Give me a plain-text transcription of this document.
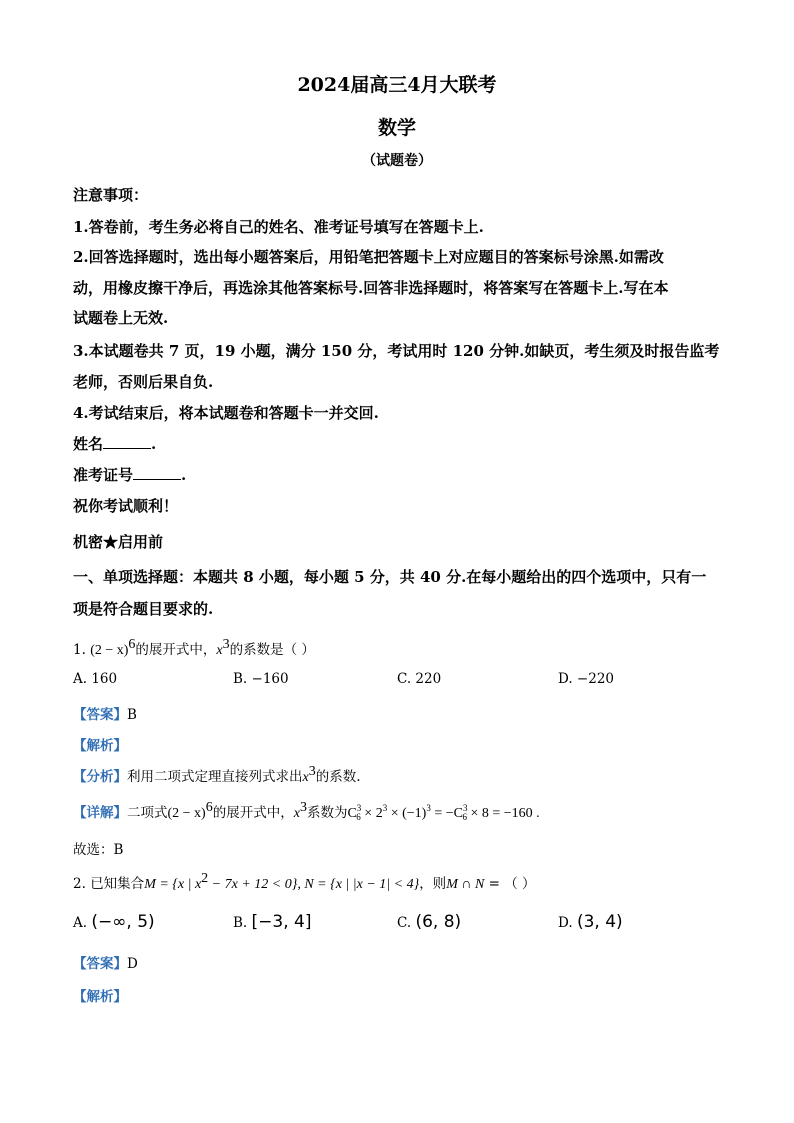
2024届高三4月大联考
数学
（试题卷）
注意事项：
1.答卷前，考生务必将自己的姓名、准考证号填写在答题卡上.
2.回答选择题时，选出每小题答案后，用铅笔把答题卡上对应题目的答案标号涂黑.如需改
动，用橡皮擦干净后，再选涂其他答案标号.回答非选择题时，将答案写在答题卡上.写在本
试题卷上无效.
3.本试题卷共 7 页，19 小题，满分 150 分，考试用时 120 分钟.如缺页，考生须及时报告监考
老师，否则后果自负.
4.考试结束后，将本试题卷和答题卡一并交回.
姓名	.
准考证号	.
祝你考试顺利！
机密★启用前
一、单项选择题：本题共 8 小题，每小题 5 分，共 40 分.在每小题给出的四个选项中，只有一
项是符合题目要求的.
1. $(2 - x)^6$的展开式中，$x^3$的系数是（ ）
A. 160	B. −160	C. 220	D. −220
【答案】B
【解析】
【分析】利用二项式定理直接列式求出$x^3$的系数.
【详解】二项式$(2 - x)^6$的展开式中，$x^3$系数为$C^3_6 \times 2^3 \times (-1)^3 = -C^3_6 \times 8 = -160$ .
故选：B
2. 已知集合M = {x | $x^2 - 7x + 12 < 0$}, N = {x | |x − 1| < 4}，则M ∩ N = （ ）
A. (−∞, 5)	B. [−3, 4]	C. (6, 8)	D. (3, 4)
【答案】D
【解析】
